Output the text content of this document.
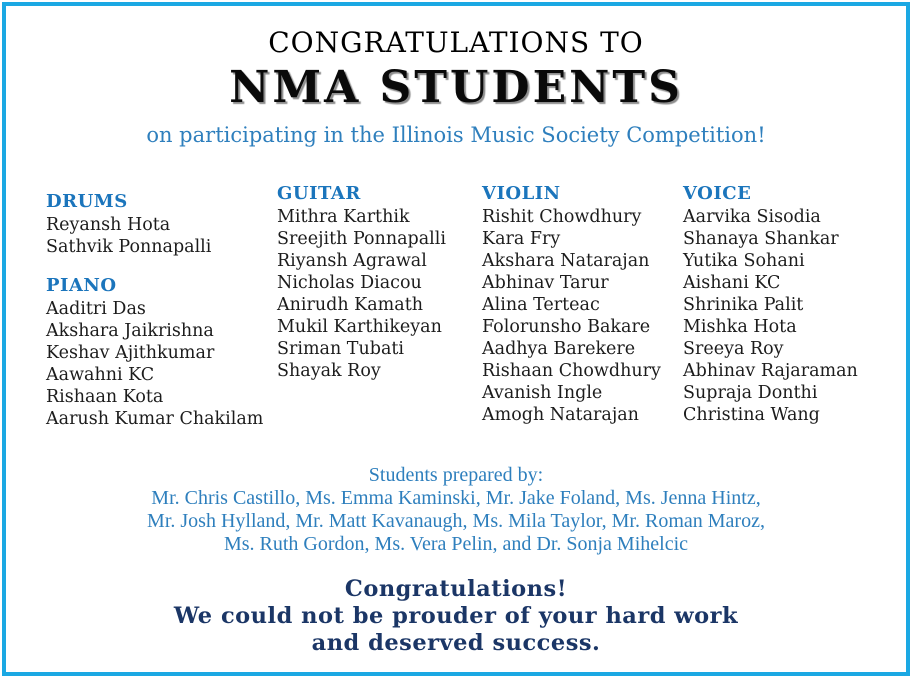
CONGRATULATIONS TO
NMA STUDENTS
on participating in the Illinois Music Society Competition!
DRUMS
Reyansh Hota
Sathvik Ponnapalli
PIANO
Aaditri Das
Akshara Jaikrishna
Keshav Ajithkumar
Aawahni KC
Rishaan Kota
Aarush Kumar Chakilam
GUITAR
Mithra Karthik
Sreejith Ponnapalli
Riyansh Agrawal
Nicholas Diacou
Anirudh Kamath
Mukil Karthikeyan
Sriman Tubati
Shayak Roy
VIOLIN
Rishit Chowdhury
Kara Fry
Akshara Natarajan
Abhinav Tarur
Alina Terteac
Folorunsho Bakare
Aadhya Barekere
Rishaan Chowdhury
Avanish Ingle
Amogh Natarajan
VOICE
Aarvika Sisodia
Shanaya Shankar
Yutika Sohani
Aishani KC
Shrinika Palit
Mishka Hota
Sreeya Roy
Abhinav Rajaraman
Supraja Donthi
Christina Wang
Students prepared by:
Mr. Chris Castillo, Ms. Emma Kaminski, Mr. Jake Foland, Ms. Jenna Hintz,
Mr. Josh Hylland, Mr. Matt Kavanaugh, Ms. Mila Taylor, Mr. Roman Maroz,
Ms. Ruth Gordon, Ms. Vera Pelin, and Dr. Sonja Mihelcic
Congratulations!
We could not be prouder of your hard work
and deserved success.
